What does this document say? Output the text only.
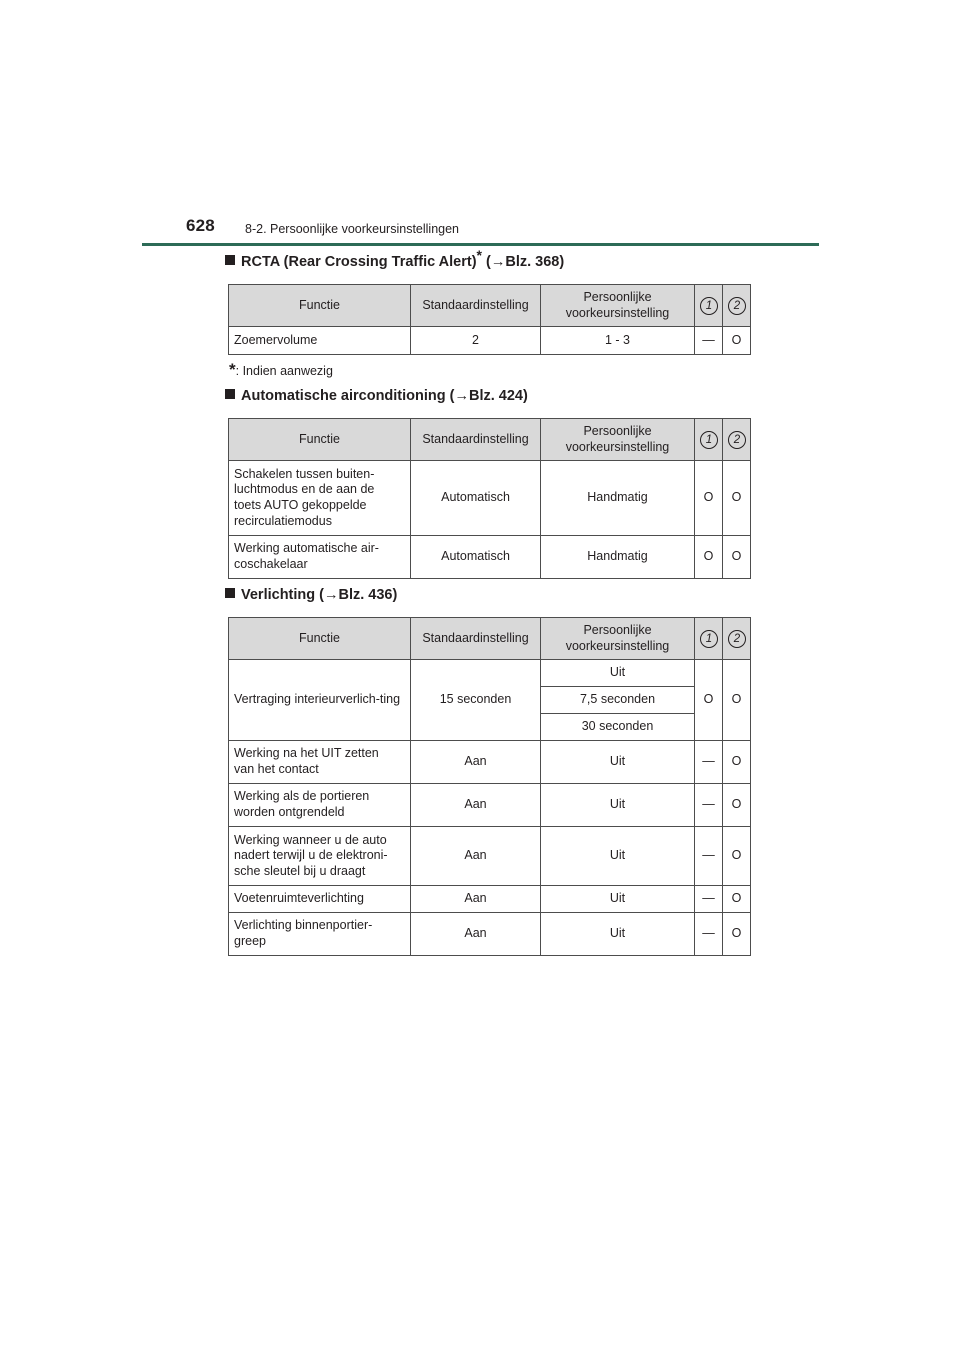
628 8-2. Persoonlijke voorkeursinstellingen
RCTA (Rear Crossing Traffic Alert)* (→Blz. 368)
Functie	Standaardinstelling	Persoonlijke voorkeursinstelling	1	2
Zoemervolume	2	1 - 3	—	O
*: Indien aanwezig
Automatische airconditioning (→Blz. 424)
Functie	Standaardinstelling	Persoonlijke voorkeursinstelling	1	2
Schakelen tussen buiten-luchtmodus en de aan de toets AUTO gekoppelde recirculatiemodus	Automatisch	Handmatig	O	O
Werking automatische air-coschakelaar	Automatisch	Handmatig	O	O
Verlichting (→Blz. 436)
Functie	Standaardinstelling	Persoonlijke voorkeursinstelling	1	2
Vertraging interieurverlich-ting	15 seconden	Uit	O	O
		7,5 seconden		
		30 seconden		
Werking na het UIT zetten van het contact	Aan	Uit	—	O
Werking als de portieren worden ontgrendeld	Aan	Uit	—	O
Werking wanneer u de auto nadert terwijl u de elektroni-sche sleutel bij u draagt	Aan	Uit	—	O
Voetenruimteverlichting	Aan	Uit	—	O
Verlichting binnenportier-greep	Aan	Uit	—	O
